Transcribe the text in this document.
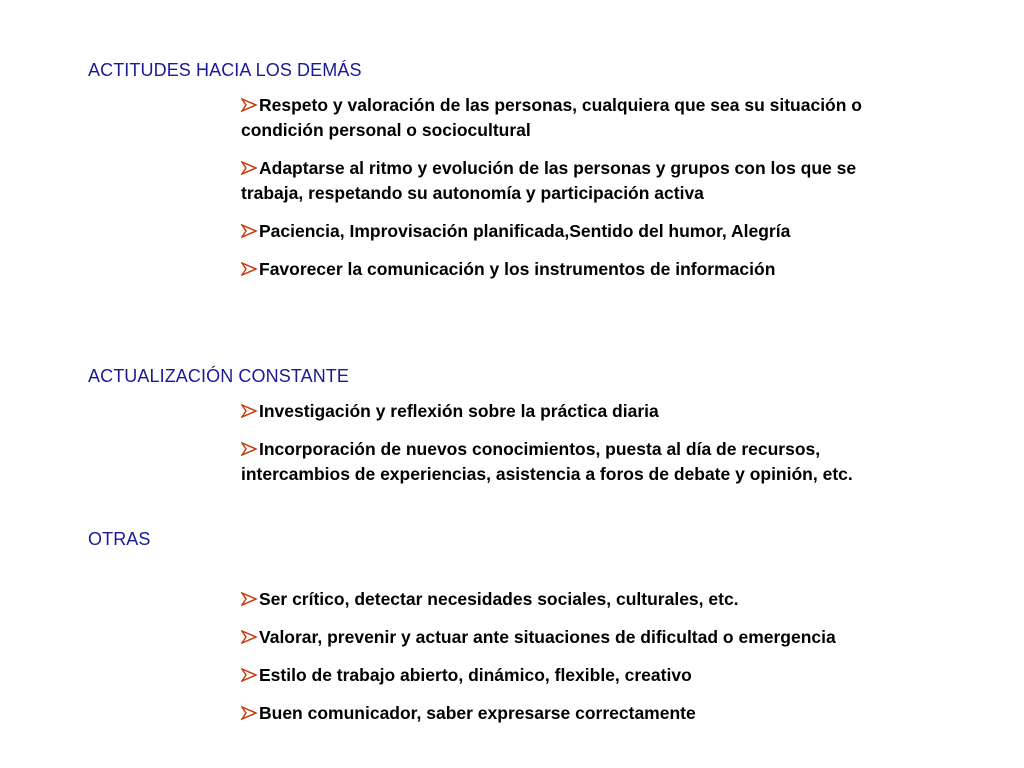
ACTITUDES HACIA LOS DEMÁS
Respeto y valoración de las personas, cualquiera que sea su situación o condición personal o sociocultural
Adaptarse al ritmo y evolución de las personas y grupos con los que se trabaja, respetando su autonomía y participación activa
Paciencia, Improvisación planificada,Sentido del humor, Alegría
Favorecer la comunicación y los instrumentos de información
ACTUALIZACIÓN CONSTANTE
Investigación y reflexión sobre la práctica diaria
Incorporación de nuevos conocimientos, puesta al día de recursos, intercambios de experiencias, asistencia a foros de debate y opinión, etc.
OTRAS
Ser crítico, detectar necesidades sociales, culturales, etc.
Valorar, prevenir y actuar ante situaciones de dificultad o emergencia
Estilo de trabajo abierto, dinámico, flexible, creativo
Buen comunicador, saber expresarse correctamente
